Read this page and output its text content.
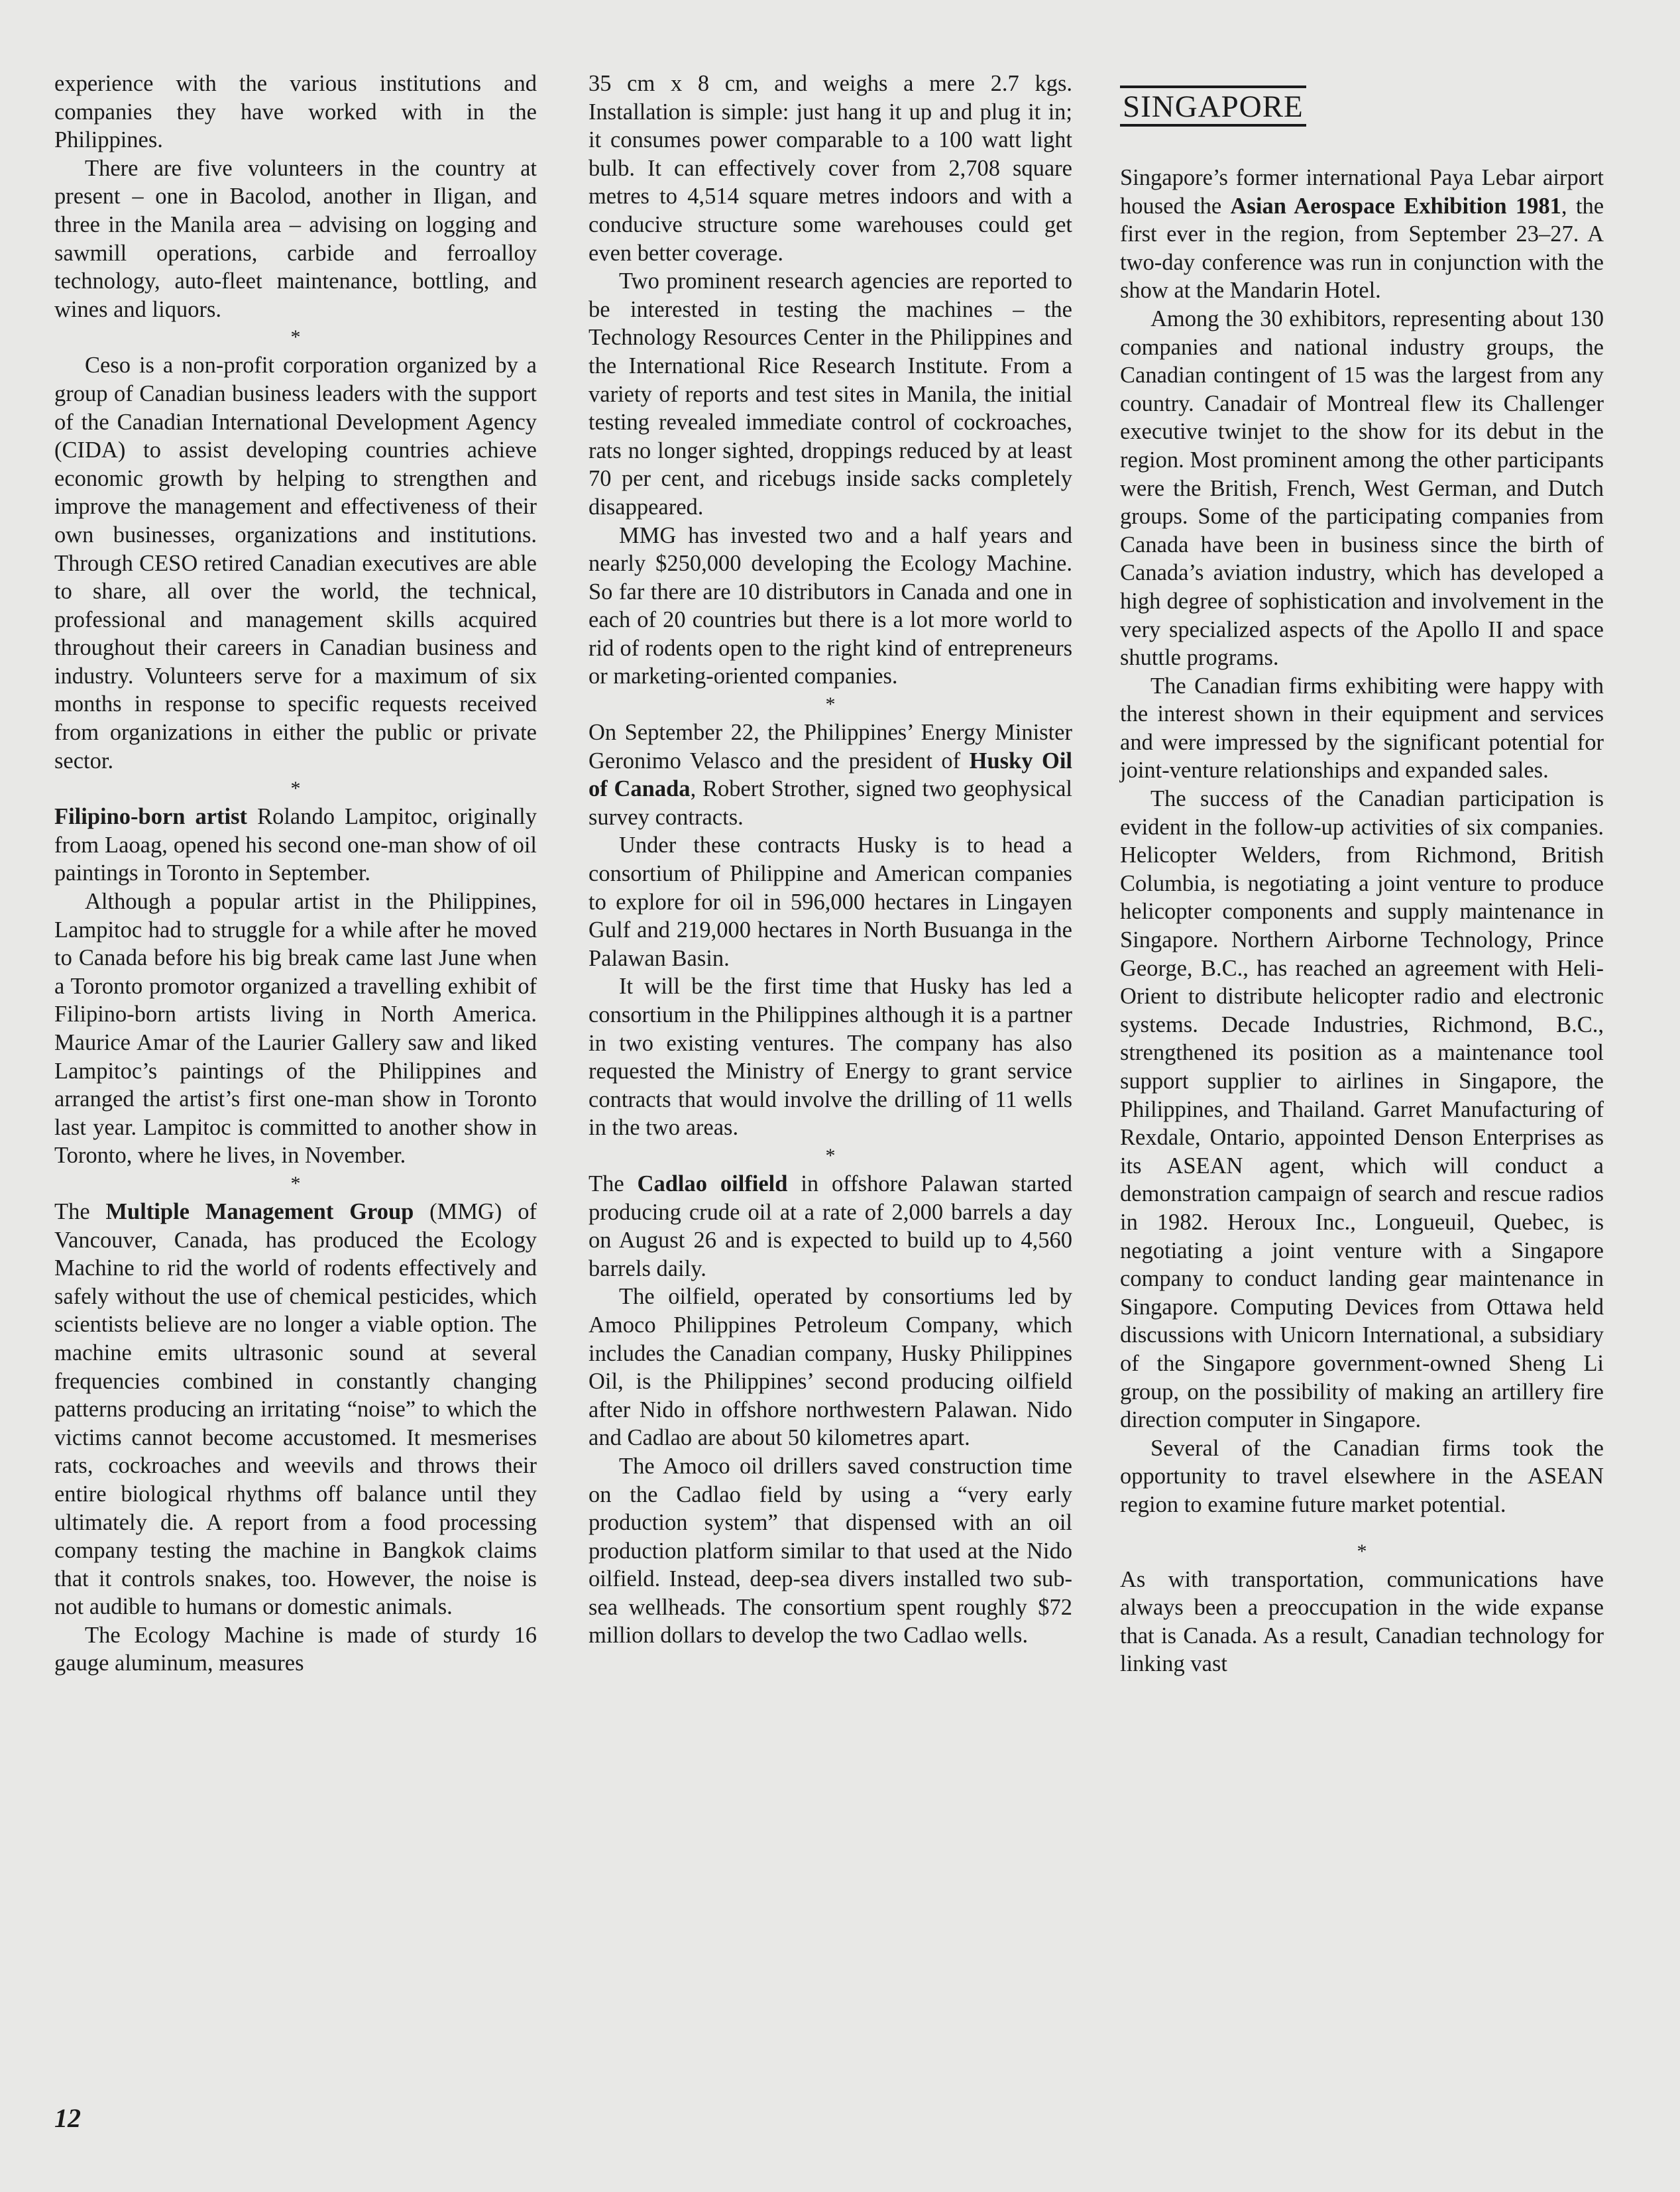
experience with the various institutions and companies they have worked with in the Philippines.

There are five volunteers in the country at present – one in Bacolod, another in Iligan, and three in the Manila area – advising on logging and sawmill operations, carbide and ferroalloy technology, auto-fleet maintenance, bottling, and wines and liquors.

*

Ceso is a non-profit corporation organized by a group of Canadian business leaders with the support of the Canadian International Development Agency (CIDA) to assist developing countries achieve economic growth by helping to strengthen and improve the management and effectiveness of their own businesses, organizations and institutions. Through CESO retired Canadian executives are able to share, all over the world, the technical, professional and management skills acquired throughout their careers in Canadian business and industry. Volunteers serve for a maximum of six months in response to specific requests received from organizations in either the public or private sector.

*

Filipino-born artist Rolando Lampitoc, originally from Laoag, opened his second one-man show of oil paintings in Toronto in September.

Although a popular artist in the Philippines, Lampitoc had to struggle for a while after he moved to Canada before his big break came last June when a Toronto promotor organized a travelling exhibit of Filipino-born artists living in North America. Maurice Amar of the Laurier Gallery saw and liked Lampitoc’s paintings of the Philippines and arranged the artist’s first one-man show in Toronto last year. Lampitoc is committed to another show in Toronto, where he lives, in November.

*

The Multiple Management Group (MMG) of Vancouver, Canada, has produced the Ecology Machine to rid the world of rodents effectively and safely without the use of chemical pesticides, which scientists believe are no longer a viable option. The machine emits ultrasonic sound at several frequencies combined in constantly changing patterns producing an irritating “noise” to which the victims cannot become accustomed. It mesmerises rats, cockroaches and weevils and throws their entire biological rhythms off balance until they ultimately die. A report from a food processing company testing the machine in Bangkok claims that it controls snakes, too. However, the noise is not audible to humans or domestic animals.

The Ecology Machine is made of sturdy 16 gauge aluminum, measures

35 cm x 8 cm, and weighs a mere 2.7 kgs. Installation is simple: just hang it up and plug it in; it consumes power comparable to a 100 watt light bulb. It can effectively cover from 2,708 square metres to 4,514 square metres indoors and with a conducive structure some warehouses could get even better coverage.

Two prominent research agencies are reported to be interested in testing the machines – the Technology Resources Center in the Philippines and the International Rice Research Institute. From a variety of reports and test sites in Manila, the initial testing revealed immediate control of cockroaches, rats no longer sighted, droppings reduced by at least 70 per cent, and ricebugs inside sacks completely disappeared.

MMG has invested two and a half years and nearly $250,000 developing the Ecology Machine. So far there are 10 distributors in Canada and one in each of 20 countries but there is a lot more world to rid of rodents open to the right kind of entrepreneurs or marketing-oriented companies.

*

On September 22, the Philippines’ Energy Minister Geronimo Velasco and the president of Husky Oil of Canada, Robert Strother, signed two geophysical survey contracts.

Under these contracts Husky is to head a consortium of Philippine and American companies to explore for oil in 596,000 hectares in Lingayen Gulf and 219,000 hectares in North Busuanga in the Palawan Basin.

It will be the first time that Husky has led a consortium in the Philippines although it is a partner in two existing ventures. The company has also requested the Ministry of Energy to grant service contracts that would involve the drilling of 11 wells in the two areas.

*

The Cadlao oilfield in offshore Palawan started producing crude oil at a rate of 2,000 barrels a day on August 26 and is expected to build up to 4,560 barrels daily.

The oilfield, operated by consortiums led by Amoco Philippines Petroleum Company, which includes the Canadian company, Husky Philippines Oil, is the Philippines’ second producing oilfield after Nido in offshore northwestern Palawan. Nido and Cadlao are about 50 kilometres apart.

The Amoco oil drillers saved construction time on the Cadlao field by using a “very early production system” that dispensed with an oil production platform similar to that used at the Nido oilfield. Instead, deep-sea divers installed two sub-sea wellheads. The consortium spent roughly $72 million dollars to develop the two Cadlao wells.

SINGAPORE

Singapore’s former international Paya Lebar airport housed the Asian Aerospace Exhibition 1981, the first ever in the region, from September 23–27. A two-day conference was run in conjunction with the show at the Mandarin Hotel.

Among the 30 exhibitors, representing about 130 companies and national industry groups, the Canadian contingent of 15 was the largest from any country. Canadair of Montreal flew its Challenger executive twinjet to the show for its debut in the region. Most prominent among the other participants were the British, French, West German, and Dutch groups. Some of the participating companies from Canada have been in business since the birth of Canada’s aviation industry, which has developed a high degree of sophistication and involvement in the very specialized aspects of the Apollo II and space shuttle programs.

The Canadian firms exhibiting were happy with the interest shown in their equipment and services and were impressed by the significant potential for joint-venture relationships and expanded sales.

The success of the Canadian participation is evident in the follow-up activities of six companies. Helicopter Welders, from Richmond, British Columbia, is negotiating a joint venture to produce helicopter components and supply maintenance in Singapore. Northern Airborne Technology, Prince George, B.C., has reached an agreement with Heli-Orient to distribute helicopter radio and electronic systems. Decade Industries, Richmond, B.C., strengthened its position as a maintenance tool support supplier to airlines in Singapore, the Philippines, and Thailand. Garret Manufacturing of Rexdale, Ontario, appointed Denson Enterprises as its ASEAN agent, which will conduct a demonstration campaign of search and rescue radios in 1982. Heroux Inc., Longueuil, Quebec, is negotiating a joint venture with a Singapore company to conduct landing gear maintenance in Singapore. Computing Devices from Ottawa held discussions with Unicorn International, a subsidiary of the Singapore government-owned Sheng Li group, on the possibility of making an artillery fire direction computer in Singapore.

Several of the Canadian firms took the opportunity to travel elsewhere in the ASEAN region to examine future market potential.

*

As with transportation, communications have always been a preoccupation in the wide expanse that is Canada. As a result, Canadian technology for linking vast

12
